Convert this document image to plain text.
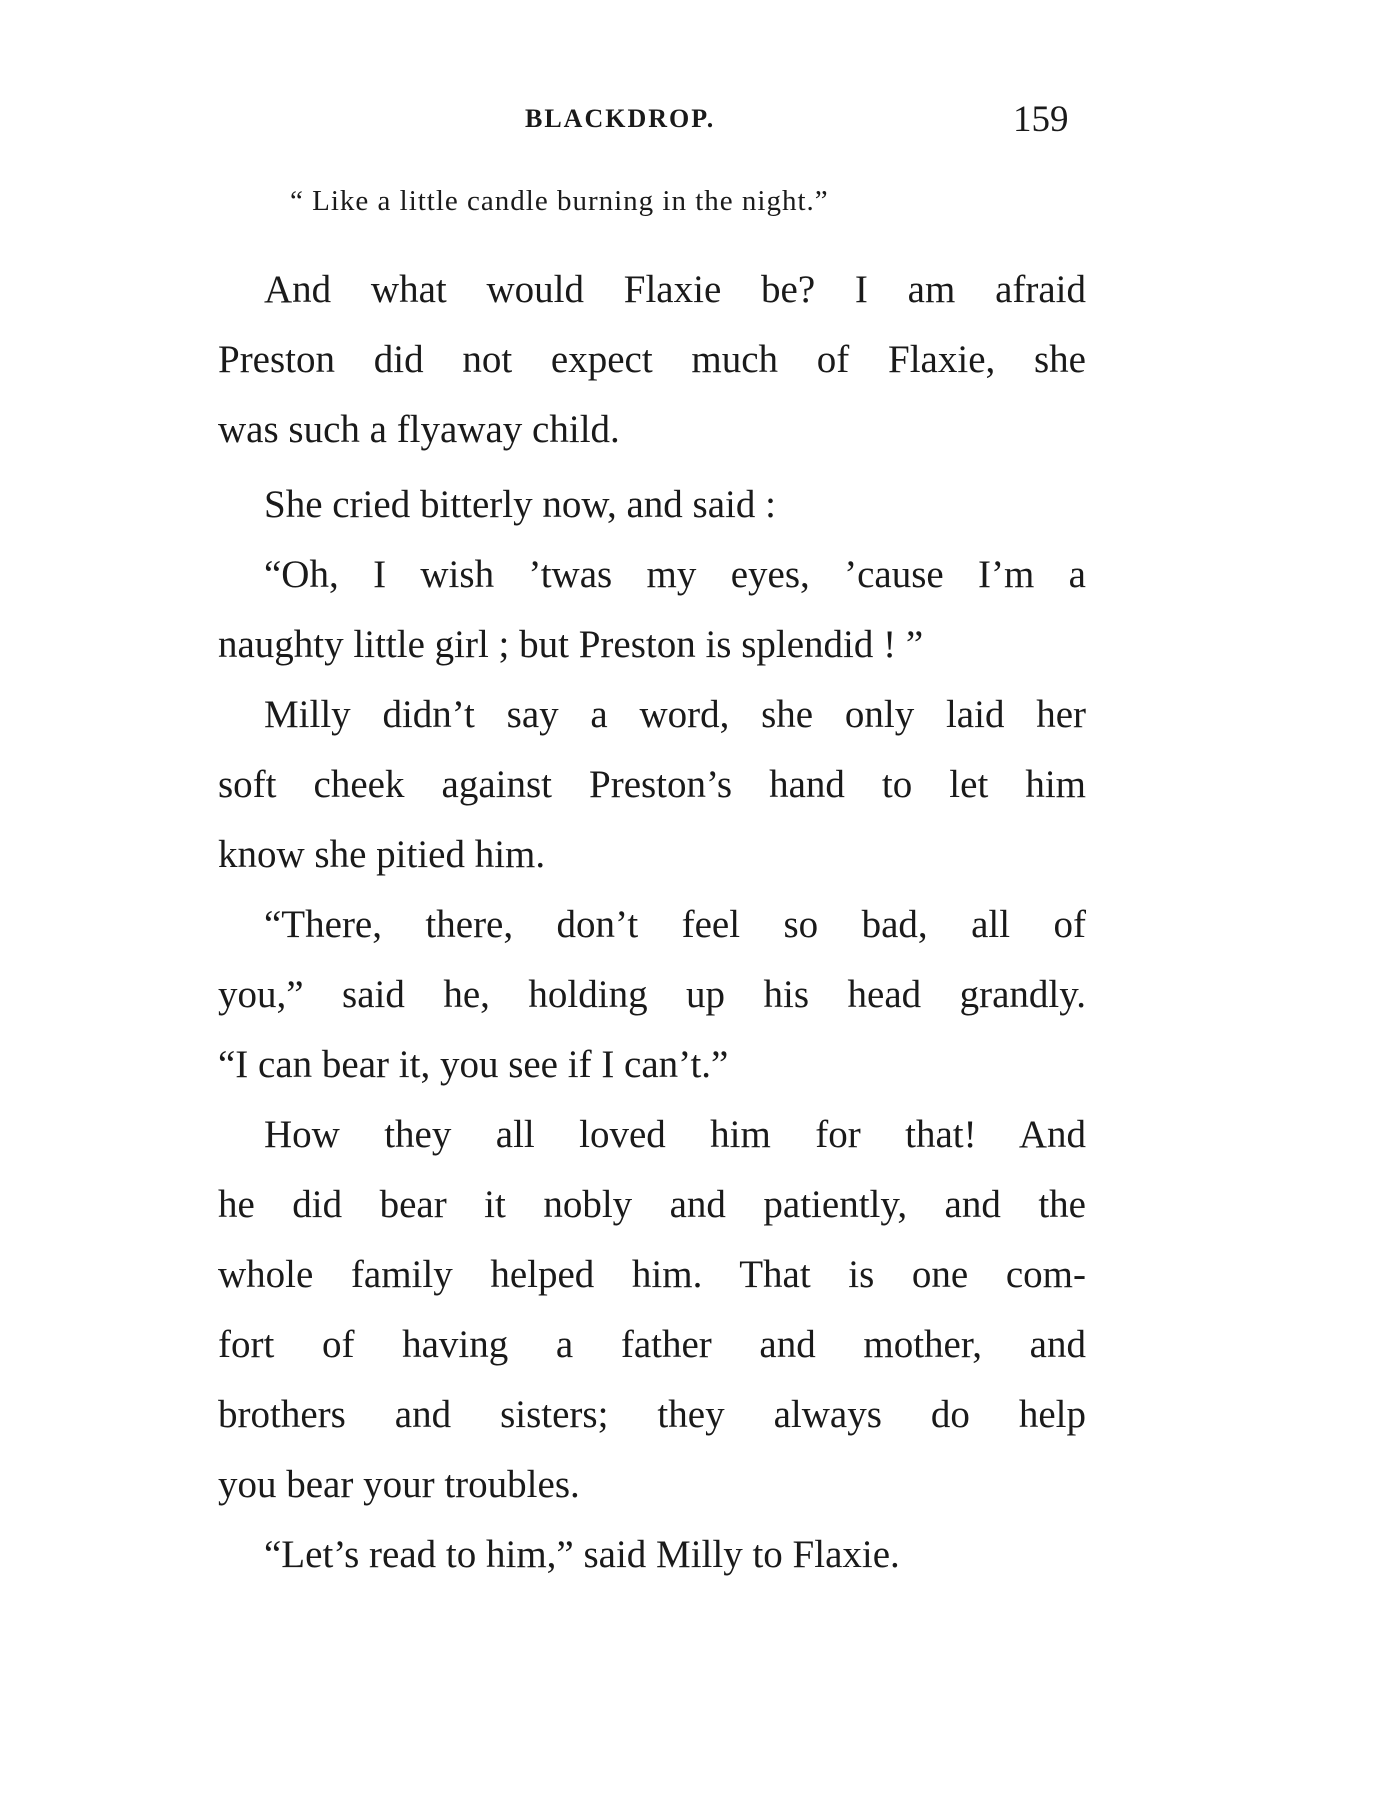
BLACKDROP.	159
“ Like a little candle burning in the night.”
And what would Flaxie be? I am afraid
Preston did not expect much of Flaxie, she
was such a flyaway child.
She cried bitterly now, and said :
“Oh, I wish ’twas my eyes, ’cause I’m a
naughty little girl ; but Preston is splendid ! ”
Milly didn’t say a word, she only laid her
soft cheek against Preston’s hand to let him
know she pitied him.
“There, there, don’t feel so bad, all of
you,” said he, holding up his head grandly.
“I can bear it, you see if I can’t.”
How they all loved him for that! And
he did bear it nobly and patiently, and the
whole family helped him. That is one com-
fort of having a father and mother, and
brothers and sisters; they always do help
you bear your troubles.
“Let’s read to him,” said Milly to Flaxie.
